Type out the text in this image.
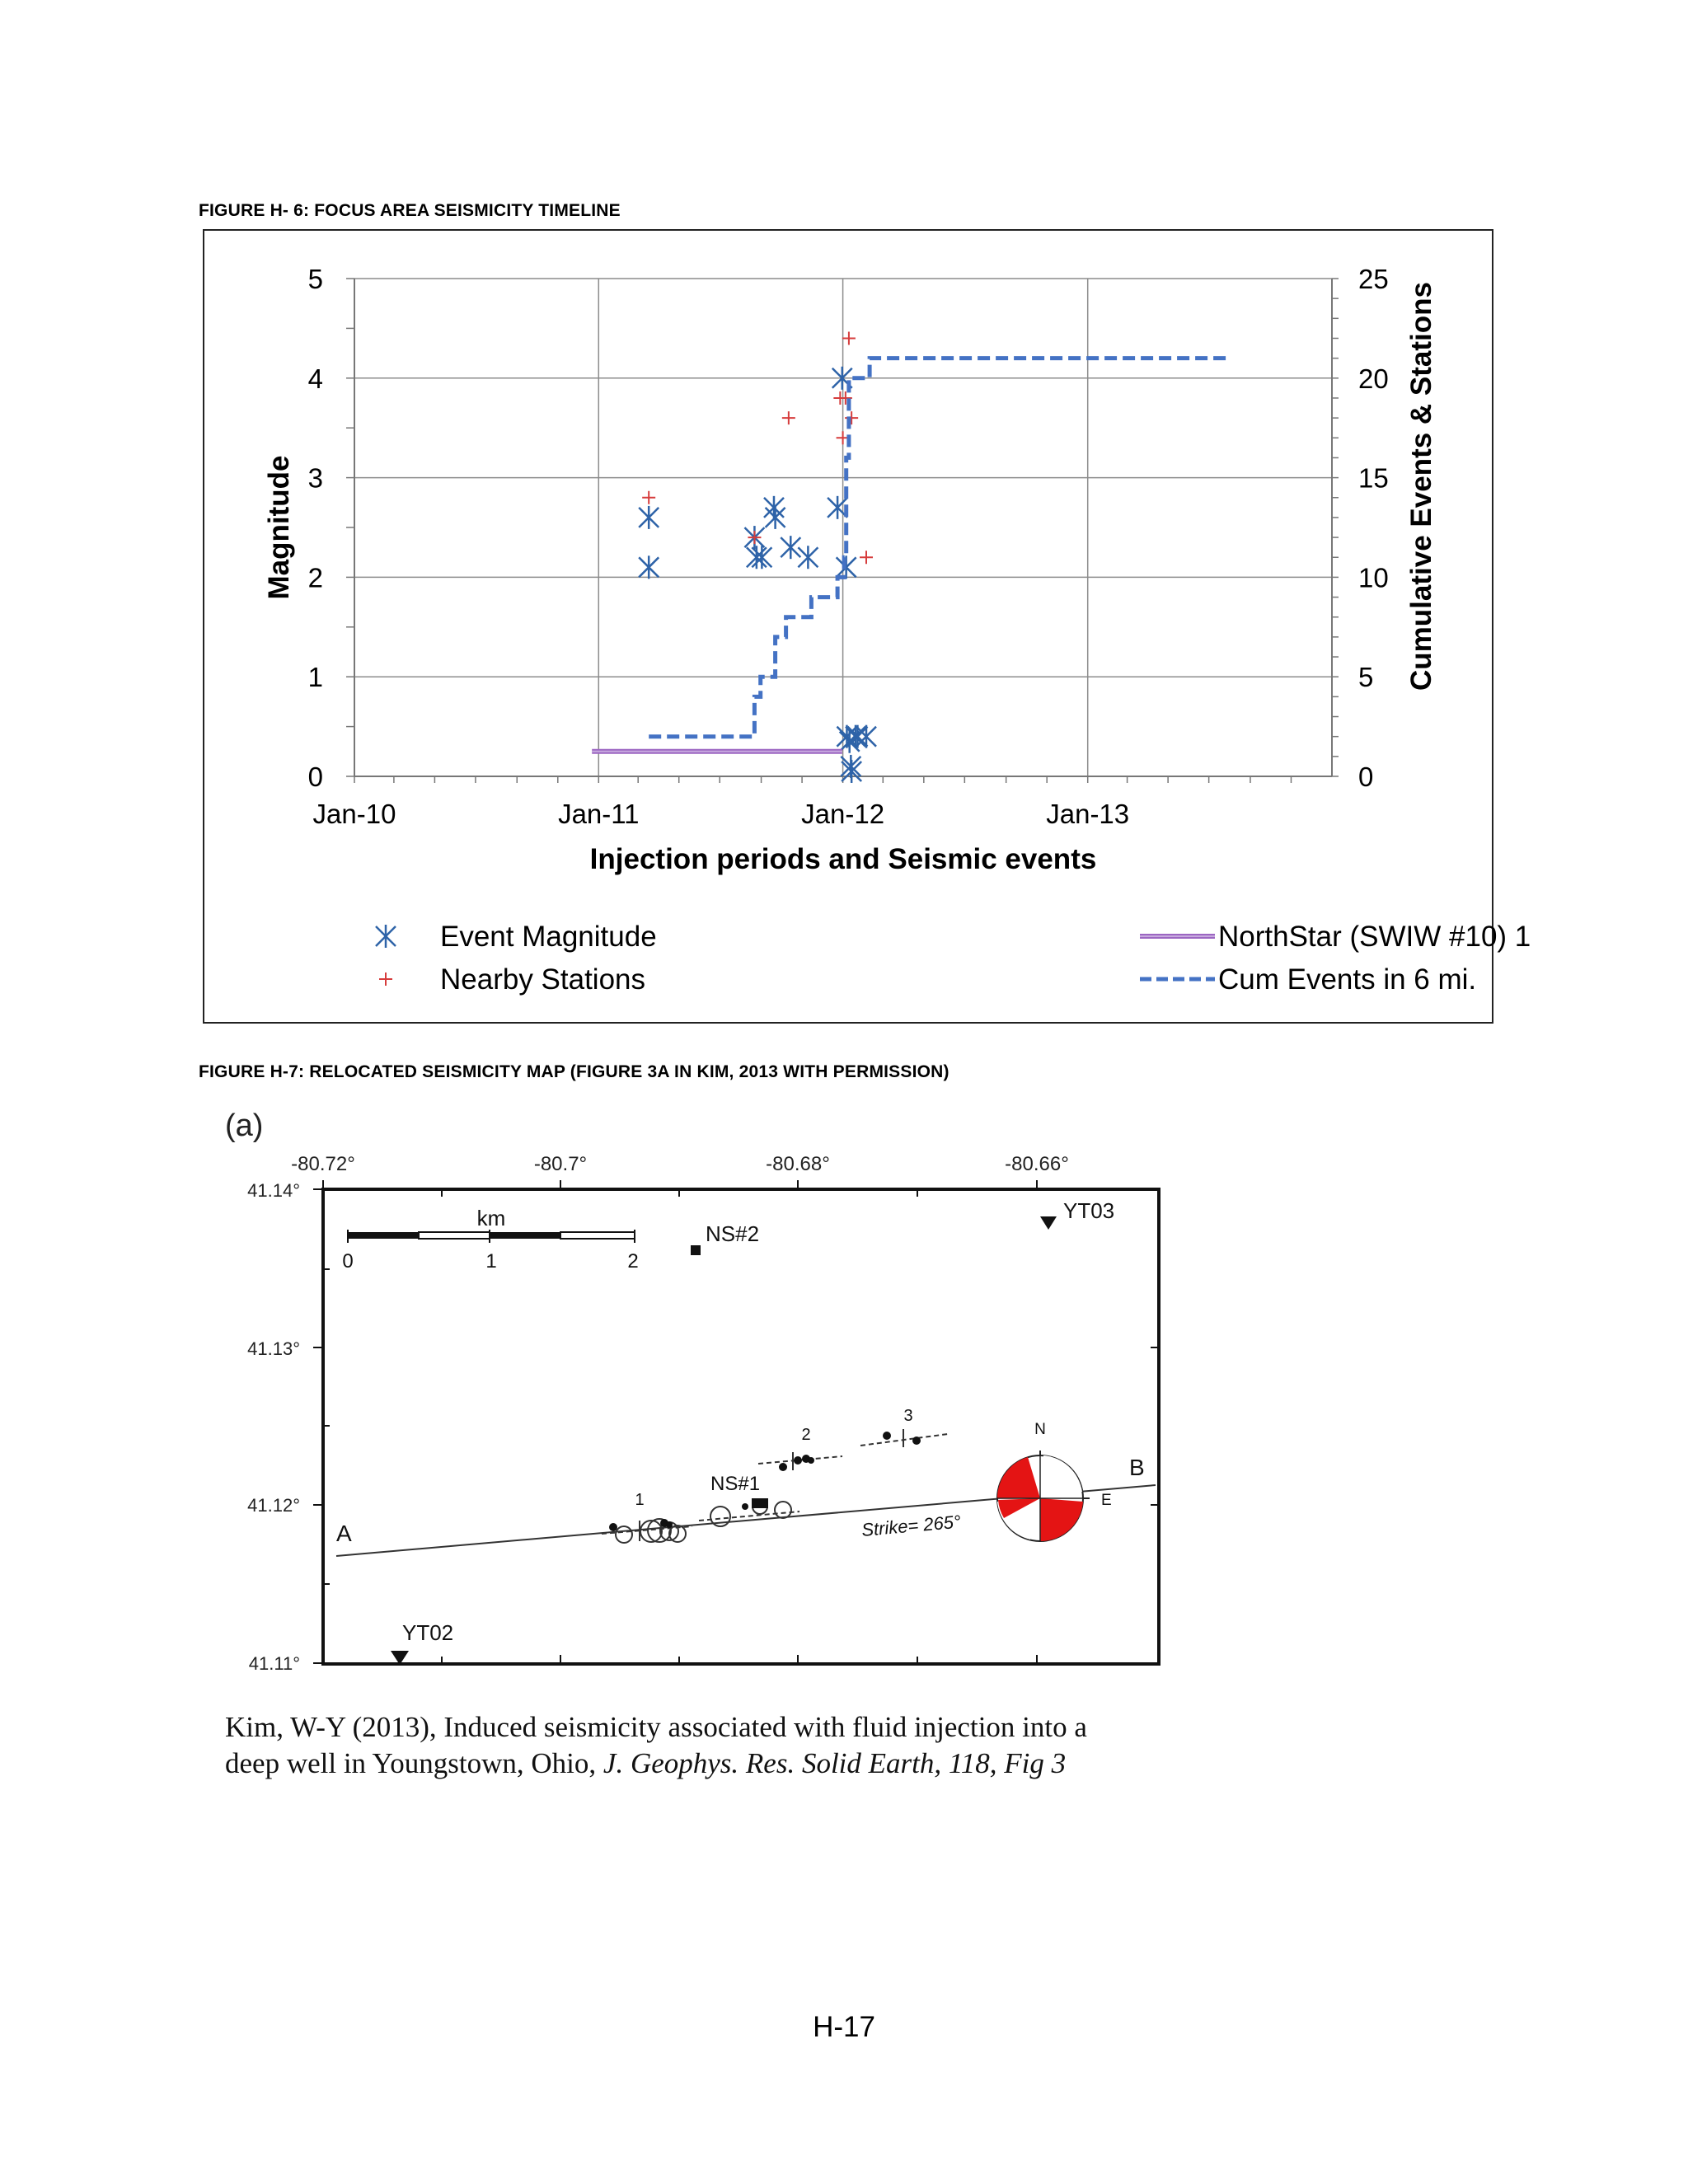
FIGURE H- 6: FOCUS AREA SEISMICITY TIMELINE
0	0
1	5
2	10
3	15
4	20
5	25
Jan-10	Jan-11	Jan-12	Jan-13
Injection periods and Seismic events
Magnitude	Cumulative Events & Stations
Event Magnitude
Nearby Stations
NorthStar (SWIW #10) 1
Cum Events in 6 mi.
FIGURE H-7: RELOCATED SEISMICITY MAP (FIGURE 3A IN KIM, 2013 WITH PERMISSION)
(a)
-80.72°	-80.7°	-80.68°	-80.66°
41.14°
41.13°
41.12°
41.11°
km
0	1	2
NS#2
YT03
YT02
A
B
Strike= 265°
1
NS#1
2
3
N
E
Kim, W-Y (2013), Induced seismicity associated with fluid injection into a
deep well in Youngstown, Ohio, J. Geophys. Res. Solid Earth, 118, Fig 3
H-17
